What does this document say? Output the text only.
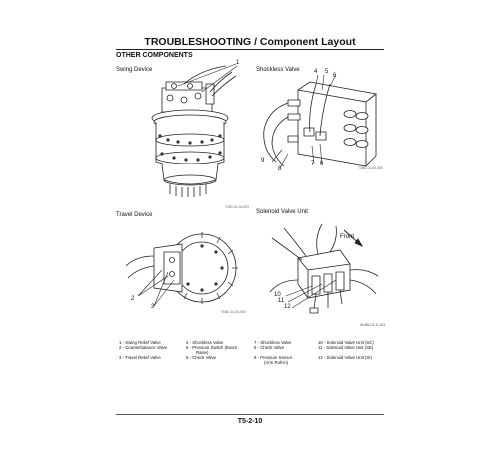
TROUBLESHOOTING / Component Layout
OTHER COMPONENTS
Swing Device	Shockless Valve
Travel Device	Solenoid Valve Unit
1
T1BT-01-04-001
4 5
6
9
8
7 6
T1BC-01-04-003
2
3
T1BC-01-04-003
Front
10
11
12
W1BB-03-11-003
1 - Swing Relief Valve
2 - Counterbalance Valve
3 - Travel Relief Valve
4 - Shockless Valve
5 - Pressure Switch (Boom
Raise)
6 - Check Valve
7 - Shockless Valve
8 - Check Valve
9 - Pressure Sensor
(Arm Roll-in)
10 - Solenoid Valve Unit (SC)
11 - Solenoid Valve Unit (SE)
12 - Solenoid Valve Unit (SI)
T5-2-10
